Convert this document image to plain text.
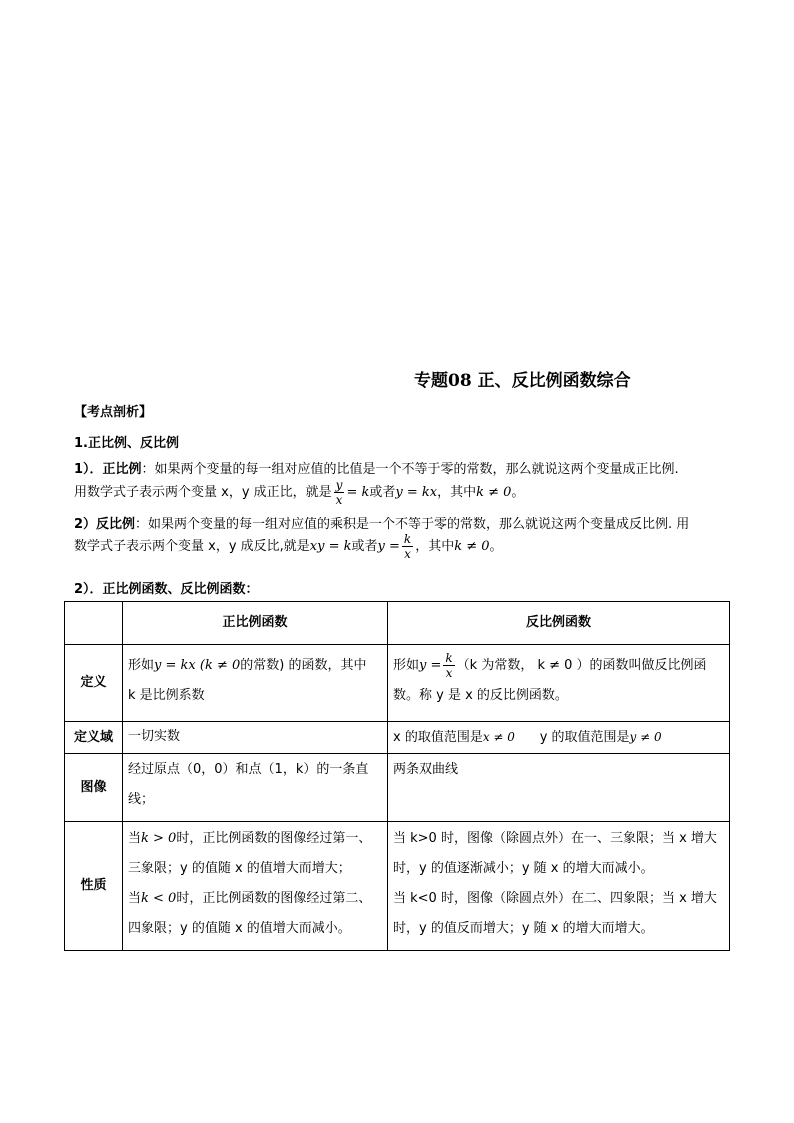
专题08 正、反比例函数综合
【考点剖析】
1.正比例、反比例
1）．正比例：如果两个变量的每一组对应值的比值是一个不等于零的常数，那么就说这两个变量成正比例.
用数学式子表示两个变量 x，y 成正比，就是 $\frac{y}{x} = k$或者y = kx，其中k ≠ 0。
2）反比例：如果两个变量的每一组对应值的乘积是一个不等于零的常数，那么就说这两个变量成反比例. 用
数学式子表示两个变量 x，y 成反比,就是xy = k或者$y = \frac{k}{x}$ ，其中k ≠ 0。
2）．正比例函数、反比例函数：
	正比例函数	反比例函数
定义	形如y = kx (k ≠ 0的常数) 的函数，其中
k 是比例系数	形如$y = \frac{k}{x} (k$ 为常数， k ≠ 0 ）的函数叫做反比例函
数。称 y 是 x 的反比例函数。
定义域	一切实数	x 的取值范围是x ≠ 0 y 的取值范围是y ≠ 0
图像	经过原点（0，0）和点（1，k）的一条直线；	两条双曲线
性质	当k > 0时，正比例函数的图像经过第一、三象限；y 的值随 x 的值增大而增大；
当k < 0时，正比例函数的图像经过第二、四象限；y 的值随 x 的值增大而减小。	当 k>0 时，图像（除圆点外）在一、三象限；当 x 增大时，y 的值逐渐减小；y 随 x 的增大而减小。
当 k<0 时，图像（除圆点外）在二、四象限；当 x 增大时，y 的值反而增大；y 随 x 的增大而增大。
